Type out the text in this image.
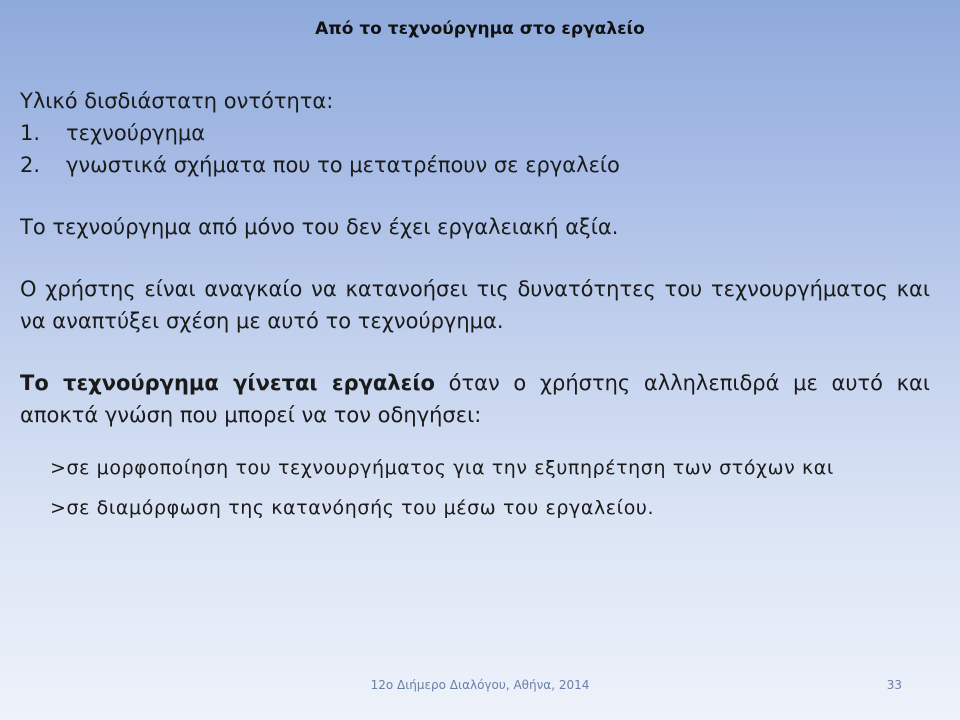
Από το τεχνούργημα στο εργαλείο

Υλικό δισδιάστατη οντότητα:

1.	τεχνούργημα
2.	γνωστικά σχήματα που το μετατρέπουν σε εργαλείο

Το τεχνούργημα από μόνο του δεν έχει εργαλειακή αξία.

Ο χρήστης είναι αναγκαίο να κατανοήσει τις δυνατότητες του τεχνουργήματος και να αναπτύξει σχέση με αυτό το τεχνούργημα.

Το τεχνούργημα γίνεται εργαλείο όταν ο χρήστης αλληλεπιδρά με αυτό και αποκτά γνώση που μπορεί να τον οδηγήσει:

>σε μορφοποίηση του τεχνουργήματος για την εξυπηρέτηση των στόχων και

>σε διαμόρφωση της κατανόησής του μέσω του εργαλείου.

12ο Διήμερο Διαλόγου, Αθήνα, 2014	33
